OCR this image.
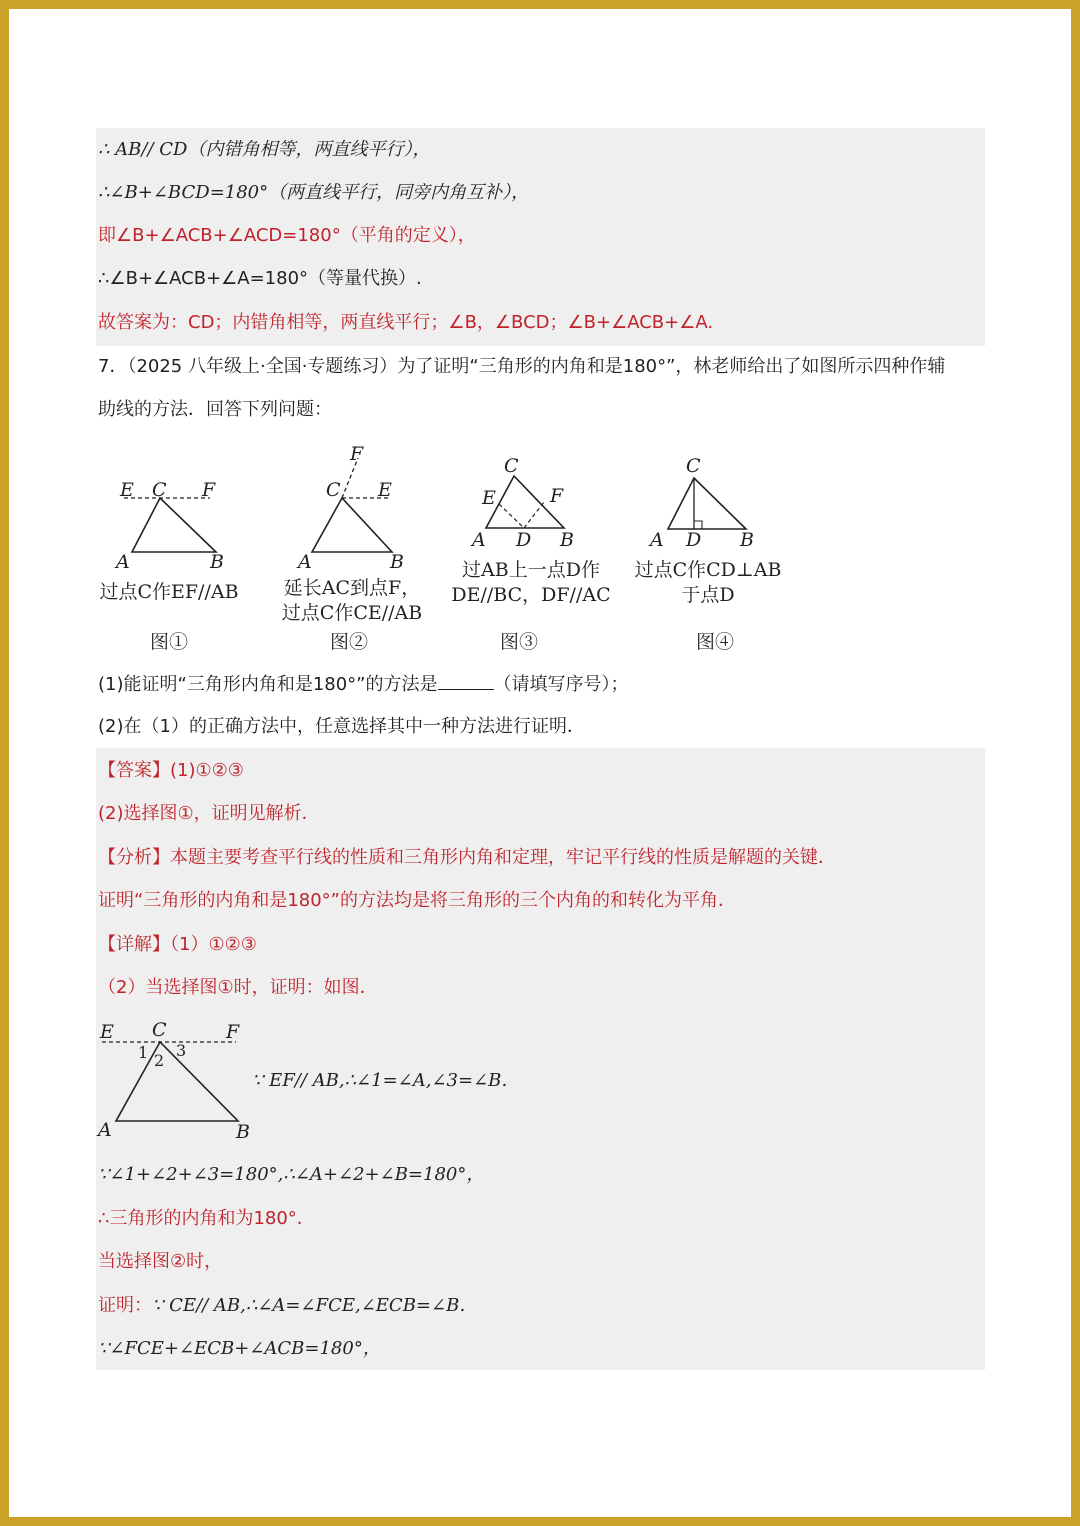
∴ AB// CD（内错角相等，两直线平行），
∴∠B+∠BCD=180°（两直线平行，同旁内角互补），
即∠B+∠ACB+∠ACD=180°（平角的定义），
∴∠B+∠ACB+∠A=180°（等量代换）.
故答案为：CD；内错角相等，两直线平行；∠B，∠BCD；∠B+∠ACB+∠A.
7．（2025 八年级上·全国·专题练习）为了证明“三角形的内角和是180°”，林老师给出了如图所示四种作辅
助线的方法．回答下列问题：
E C F
A	B
过点C作EF//AB
图①
F
C E
A	B
延长AC到点F，
过点C作CE//AB
图②
C
E	F
A D B
过AB上一点D作
DE//BC，DF//AC
图③
C
A D B
过点C作CD⊥AB
于点D
图④
(1)能证明“三角形内角和是180°”的方法是	（请填写序号）；
(2)在（1）的正确方法中，任意选择其中一种方法进行证明．
【答案】(1)①②③
(2)选择图①，证明见解析．
【分析】本题主要考查平行线的性质和三角形内角和定理，牢记平行线的性质是解题的关键．
证明“三角形的内角和是180°”的方法均是将三角形的三个内角的和转化为平角．
【详解】（1）①②③
（2）当选择图①时，证明：如图．
E C	F
A	B
1 2
3
∵ EF// AB,∴∠1=∠A,∠3=∠B．
∵∠1+∠2+∠3=180°,∴∠A+∠2+∠B=180°，
∴三角形的内角和为180°．
当选择图②时，
证明：∵ CE// AB,∴∠A=∠FCE,∠ECB=∠B．
∵∠FCE+∠ECB+∠ACB=180°，
